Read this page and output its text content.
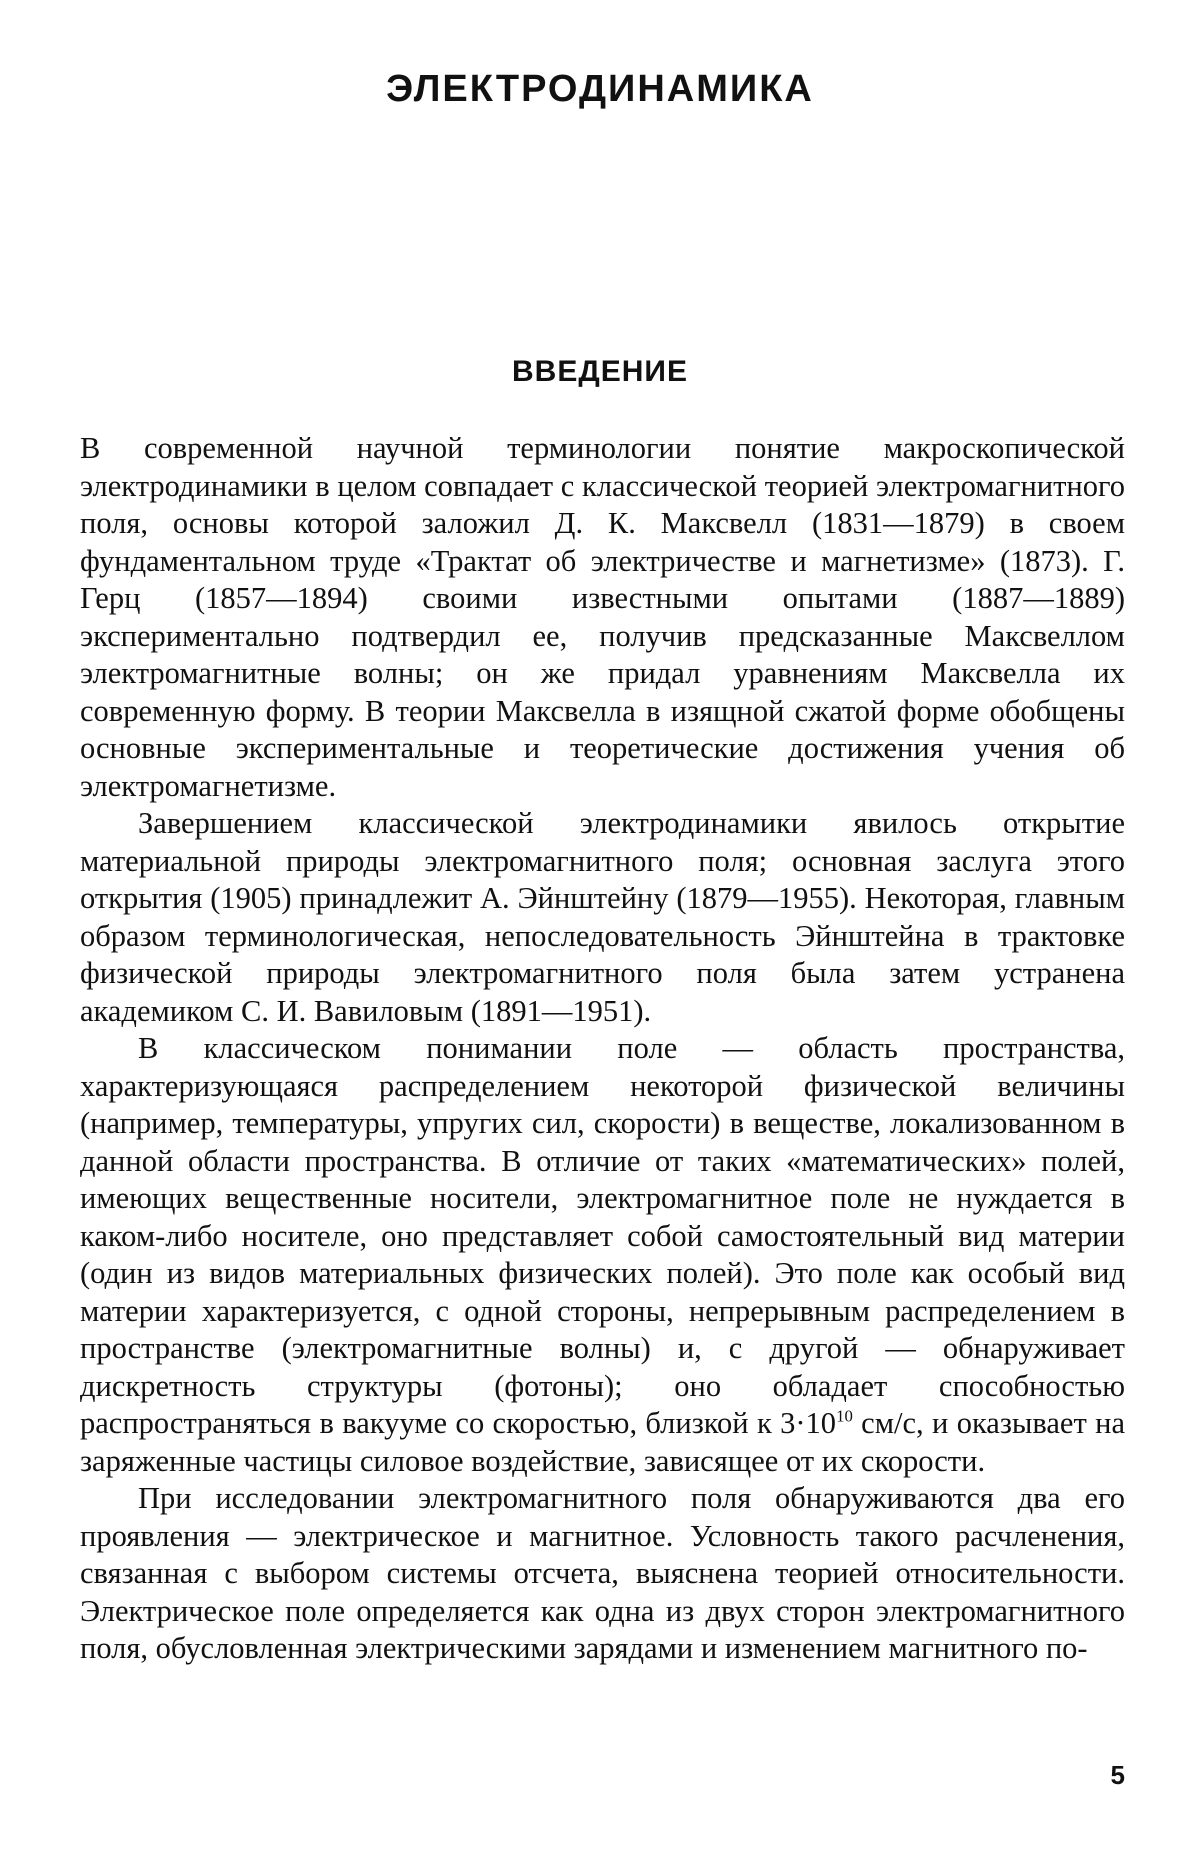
ЭЛЕКТРОДИНАМИКА
ВВЕДЕНИЕ

В современной научной терминологии понятие макроскопической электродинамики в целом совпадает с классической теорией электромагнитного поля, основы которой заложил Д. К. Максвелл (1831—1879) в своем фундаментальном труде «Трактат об электричестве и магнетизме» (1873). Г. Герц (1857—1894) своими известными опытами (1887—1889) экспериментально подтвердил ее, получив предсказанные Максвеллом электромагнитные волны; он же придал уравнениям Максвелла их современную форму. В теории Максвелла в изящной сжатой форме обобщены основные экспериментальные и теоретические достижения учения об электромагнетизме.

Завершением классической электродинамики явилось открытие материальной природы электромагнитного поля; основная заслуга этого открытия (1905) принадлежит А. Эйнштейну (1879—1955). Некоторая, главным образом терминологическая, непоследовательность Эйнштейна в трактовке физической природы электромагнитного поля была затем устранена академиком С. И. Вавиловым (1891—1951).

В классическом понимании поле — область пространства, характеризующаяся распределением некоторой физической величины (например, температуры, упругих сил, скорости) в веществе, локализованном в данной области пространства. В отличие от таких «математических» полей, имеющих вещественные носители, электромагнитное поле не нуждается в каком-либо носителе, оно представляет собой самостоятельный вид материи (один из видов материальных физических полей). Это поле как особый вид материи характеризуется, с одной стороны, непрерывным распределением в пространстве (электромагнитные волны) и, с другой — обнаруживает дискретность структуры (фотоны); оно обладает способностью распространяться в вакууме со скоростью, близкой к $3\cdot 10^{10}$ см/с, и оказывает на заряженные частицы силовое воздействие, зависящее от их скорости.

При исследовании электромагнитного поля обнаруживаются два его проявления — электрическое и магнитное. Условность такого расчленения, связанная с выбором системы отсчета, выяснена теорией относительности. Электрическое поле определяется как одна из двух сторон электромагнитного поля, обусловленная электрическими зарядами и изменением магнитного по-

5
